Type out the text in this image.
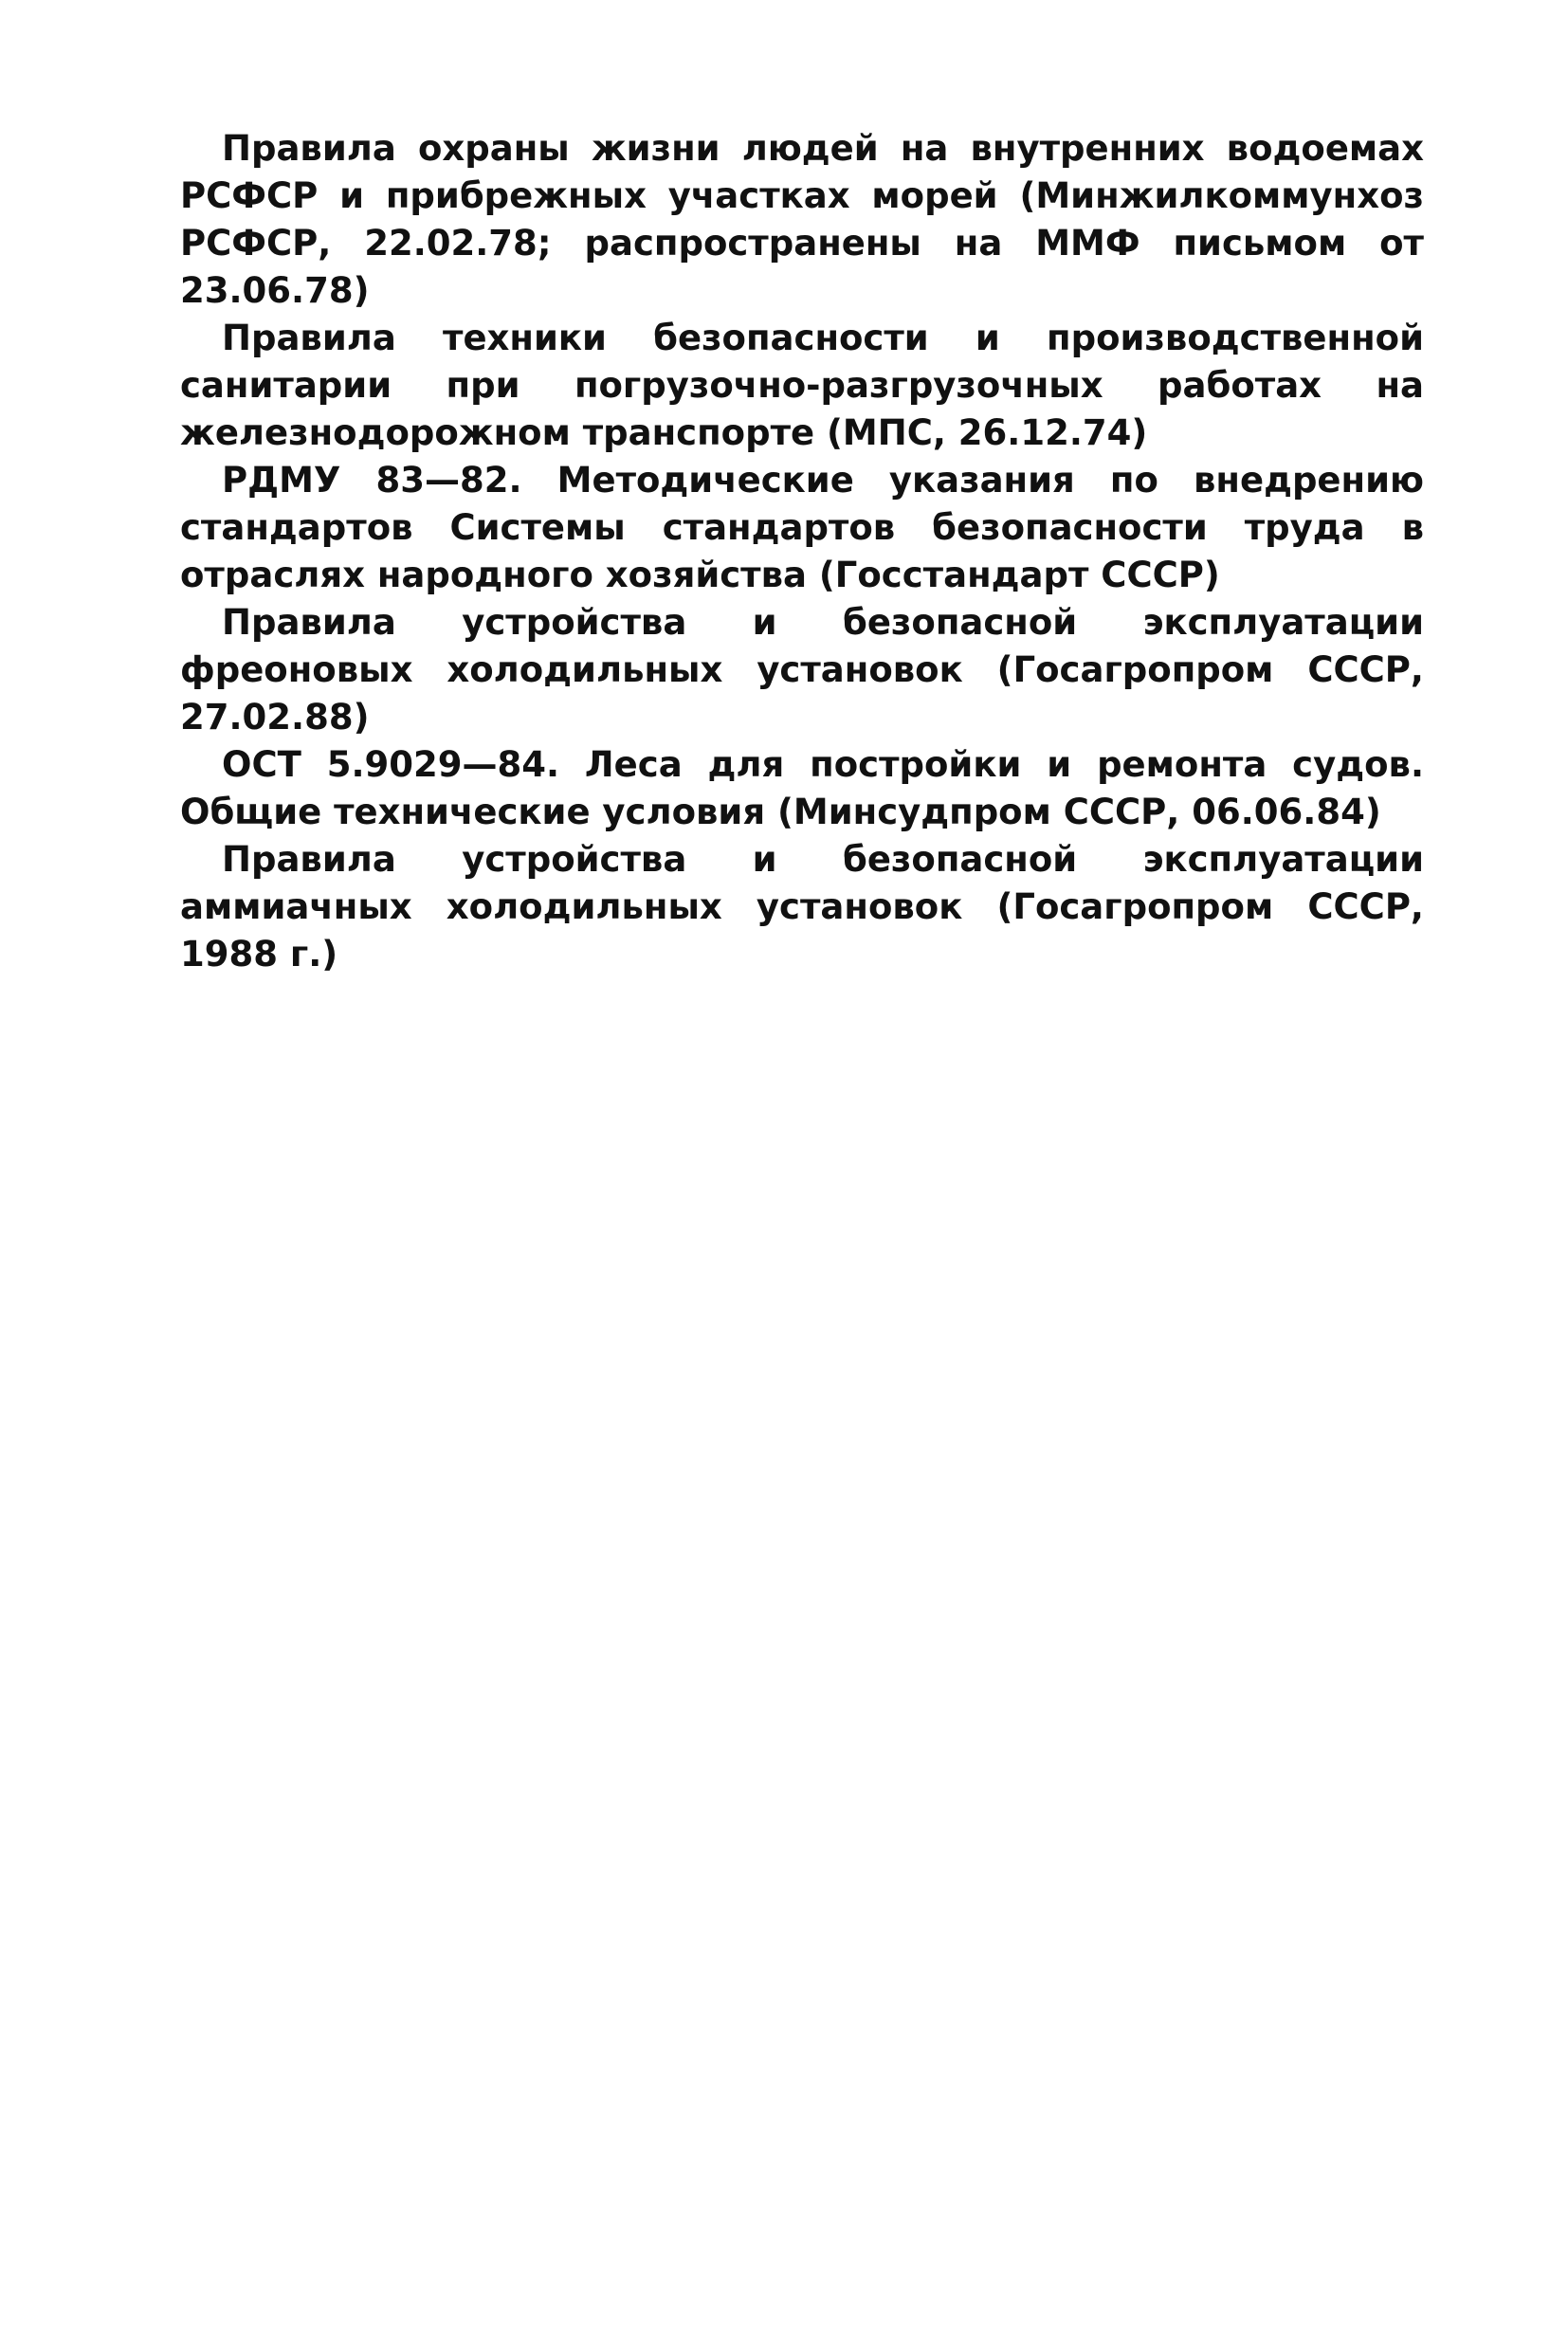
Правила охраны жизни людей на внутренних водоемах РСФСР и прибрежных участках морей (Минжилкоммунхоз РСФСР, 22.02.78; распространены на ММФ письмом от 23.06.78)

Правила техники безопасности и производственной санитарии при погрузочно-разгрузочных работах на железнодорожном транспорте (МПС, 26.12.74)

РДМУ 83—82. Методические указания по внедрению стандартов Системы стандартов безопасности труда в отраслях народного хозяйства (Госстандарт СССР)

Правила устройства и безопасной эксплуатации фреоновых холодильных установок (Госагропром СССР, 27.02.88)

ОСТ 5.9029—84. Леса для постройки и ремонта судов. Общие технические условия (Минсудпром СССР, 06.06.84)

Правила устройства и безопасной эксплуатации аммиачных холодильных установок (Госагропром СССР, 1988 г.)
